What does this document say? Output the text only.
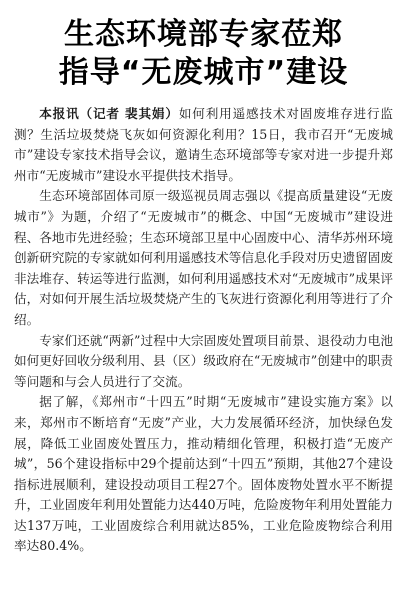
生态环境部专家莅郑
指导“无废城市”建设

本报讯（记者 裴其娟）如何利用遥感技术对固废堆存进行监测？生活垃圾焚烧飞灰如何资源化利用？15日，我市召开“无废城市”建设专家技术指导会议，邀请生态环境部等专家对进一步提升郑州市“无废城市”建设水平提供技术指导。

生态环境部固体司原一级巡视员周志强以《提高质量建设“无废城市”》为题，介绍了“无废城市”的概念、中国“无废城市”建设进程、各地市先进经验；生态环境部卫星中心固废中心、清华苏州环境创新研究院的专家就如何利用遥感技术等信息化手段对历史遗留固废非法堆存、转运等进行监测，如何利用遥感技术对“无废城市”成果评估，对如何开展生活垃圾焚烧产生的飞灰进行资源化利用等进行了介绍。

专家们还就“两新”过程中大宗固废处置项目前景、退役动力电池如何更好回收分级利用、县（区）级政府在“无废城市”创建中的职责等问题和与会人员进行了交流。

据了解，《郑州市“十四五”时期“无废城市”建设实施方案》以来，郑州市不断培育“无废”产业，大力发展循环经济，加快绿色发展，降低工业固废处置压力，推动精细化管理，积极打造“无废产城”，56个建设指标中29个提前达到“十四五”预期，其他27个建设指标进展顺利，建设投动项目工程27个。固体废物处置水平不断提升，工业固废年利用处置能力达440万吨，危险废物年利用处置能力达137万吨，工业固废综合利用就达85%，工业危险废物综合利用率达80.4%。
